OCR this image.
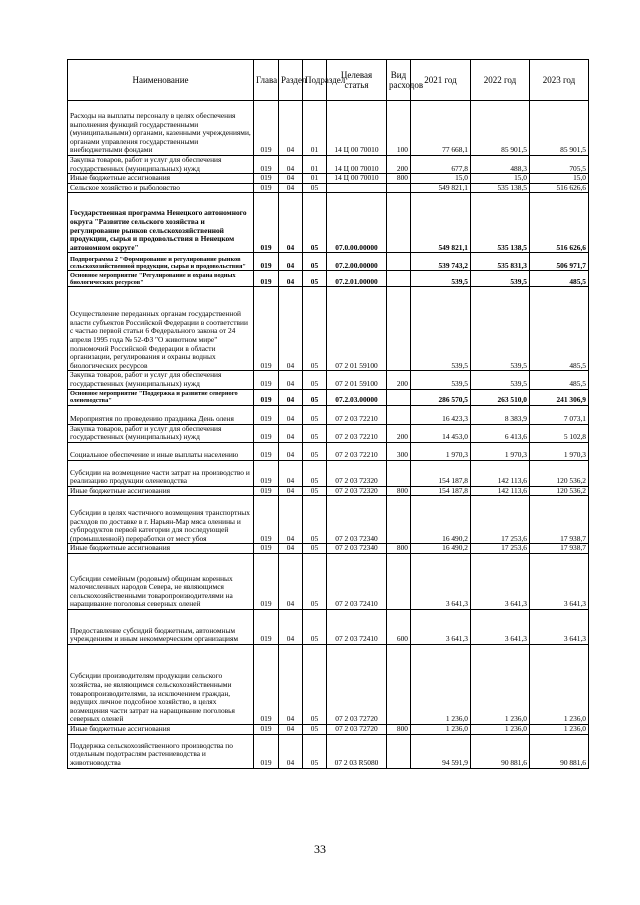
Наименование	Глава	Раздел	Подраздел	Целевая статья	Вид расходов	2021 год	2022 год	2023 год
Расходы на выплаты персоналу в целях обеспечения выполнения функций государственными (муниципальными) органами, казенными учреждениями, органами управления государственными внебюджетными фондами	019	04	01	14 Ц 00 70010	100	77 668,1	85 901,5	85 901,5
Закупка товаров, работ и услуг для обеспечения государственных (муниципальных) нужд	019	04	01	14 Ц 00 70010	200	677,8	488,3	705,5
Иные бюджетные ассигнования	019	04	01	14 Ц 00 70010	800	15,0	15,0	15,0
Сельское хозяйство и рыболовство	019	04	05			549 821,1	535 138,5	516 626,6
Государственная программа Ненецкого автономного округа "Развитие сельского хозяйства и регулирование рынков сельскохозяйственной продукции, сырья и продовольствия в Ненецком автономном округе"	019	04	05	07.0.00.00000		549 821,1	535 138,5	516 626,6
Подпрограмма 2 "Формирование и регулирование рынков сельскохозяйственной продукции, сырья и продовольствия"	019	04	05	07.2.00.00000		539 743,2	535 831,3	506 971,7
Основное мероприятие "Регулирование и охрана водных биологических ресурсов"	019	04	05	07.2.01.00000		539,5	539,5	485,5
Осуществление переданных органам государственной власти субъектов Российской Федерации в соответствии с частью первой статьи 6 Федерального закона от 24 апреля 1995 года № 52-ФЗ "О животном мире" полномочий Российской Федерации в области организации, регулирования и охраны водных биологических ресурсов	019	04	05	07 2 01 59100		539,5	539,5	485,5
Закупка товаров, работ и услуг для обеспечения государственных (муниципальных) нужд	019	04	05	07 2 01 59100	200	539,5	539,5	485,5
Основное мероприятие "Поддержка и развитие северного оленеводства"	019	04	05	07.2.03.00000		286 570,5	263 510,0	241 306,9
Мероприятия по проведению праздника День оленя	019	04	05	07 2 03 72210		16 423,3	8 383,9	7 073,1
Закупка товаров, работ и услуг для обеспечения государственных (муниципальных) нужд	019	04	05	07 2 03 72210	200	14 453,0	6 413,6	5 102,8
Социальное обеспечение и иные выплаты населению	019	04	05	07 2 03 72210	300	1 970,3	1 970,3	1 970,3
Субсидии на возмещение части затрат на производство и реализацию продукции оленеводства	019	04	05	07 2 03 72320		154 187,8	142 113,6	120 536,2
Иные бюджетные ассигнования	019	04	05	07 2 03 72320	800	154 187,8	142 113,6	120 536,2
Субсидии в целях частичного возмещения транспортных расходов по доставке в г. Нарьян-Мар мяса оленины и субпродуктов первой категории для последующей (промышленной) переработки от мест убоя	019	04	05	07 2 03 72340		16 490,2	17 253,6	17 938,7
Иные бюджетные ассигнования	019	04	05	07 2 03 72340	800	16 490,2	17 253,6	17 938,7
Субсидии семейным (родовым) общинам коренных малочисленных народов Севера, не являющимся сельскохозяйственными товаропроизводителями на наращивание поголовья северных оленей	019	04	05	07 2 03 72410		3 641,3	3 641,3	3 641,3
Предоставление субсидий бюджетным, автономным учреждениям и иным некоммерческим организациям	019	04	05	07 2 03 72410	600	3 641,3	3 641,3	3 641,3
Субсидии производителям продукции сельского хозяйства, не являющимся сельскохозяйственными товаропроизводителями, за исключением граждан, ведущих личное подсобное хозяйство, в целях возмещения части затрат на наращивание поголовья северных оленей	019	04	05	07 2 03 72720		1 236,0	1 236,0	1 236,0
Иные бюджетные ассигнования	019	04	05	07 2 03 72720	800	1 236,0	1 236,0	1 236,0
Поддержка сельскохозяйственного производства по отдельным подотраслям растениеводства и животноводства	019	04	05	07 2 03 R5080		94 591,9	90 881,6	90 881,6
33
